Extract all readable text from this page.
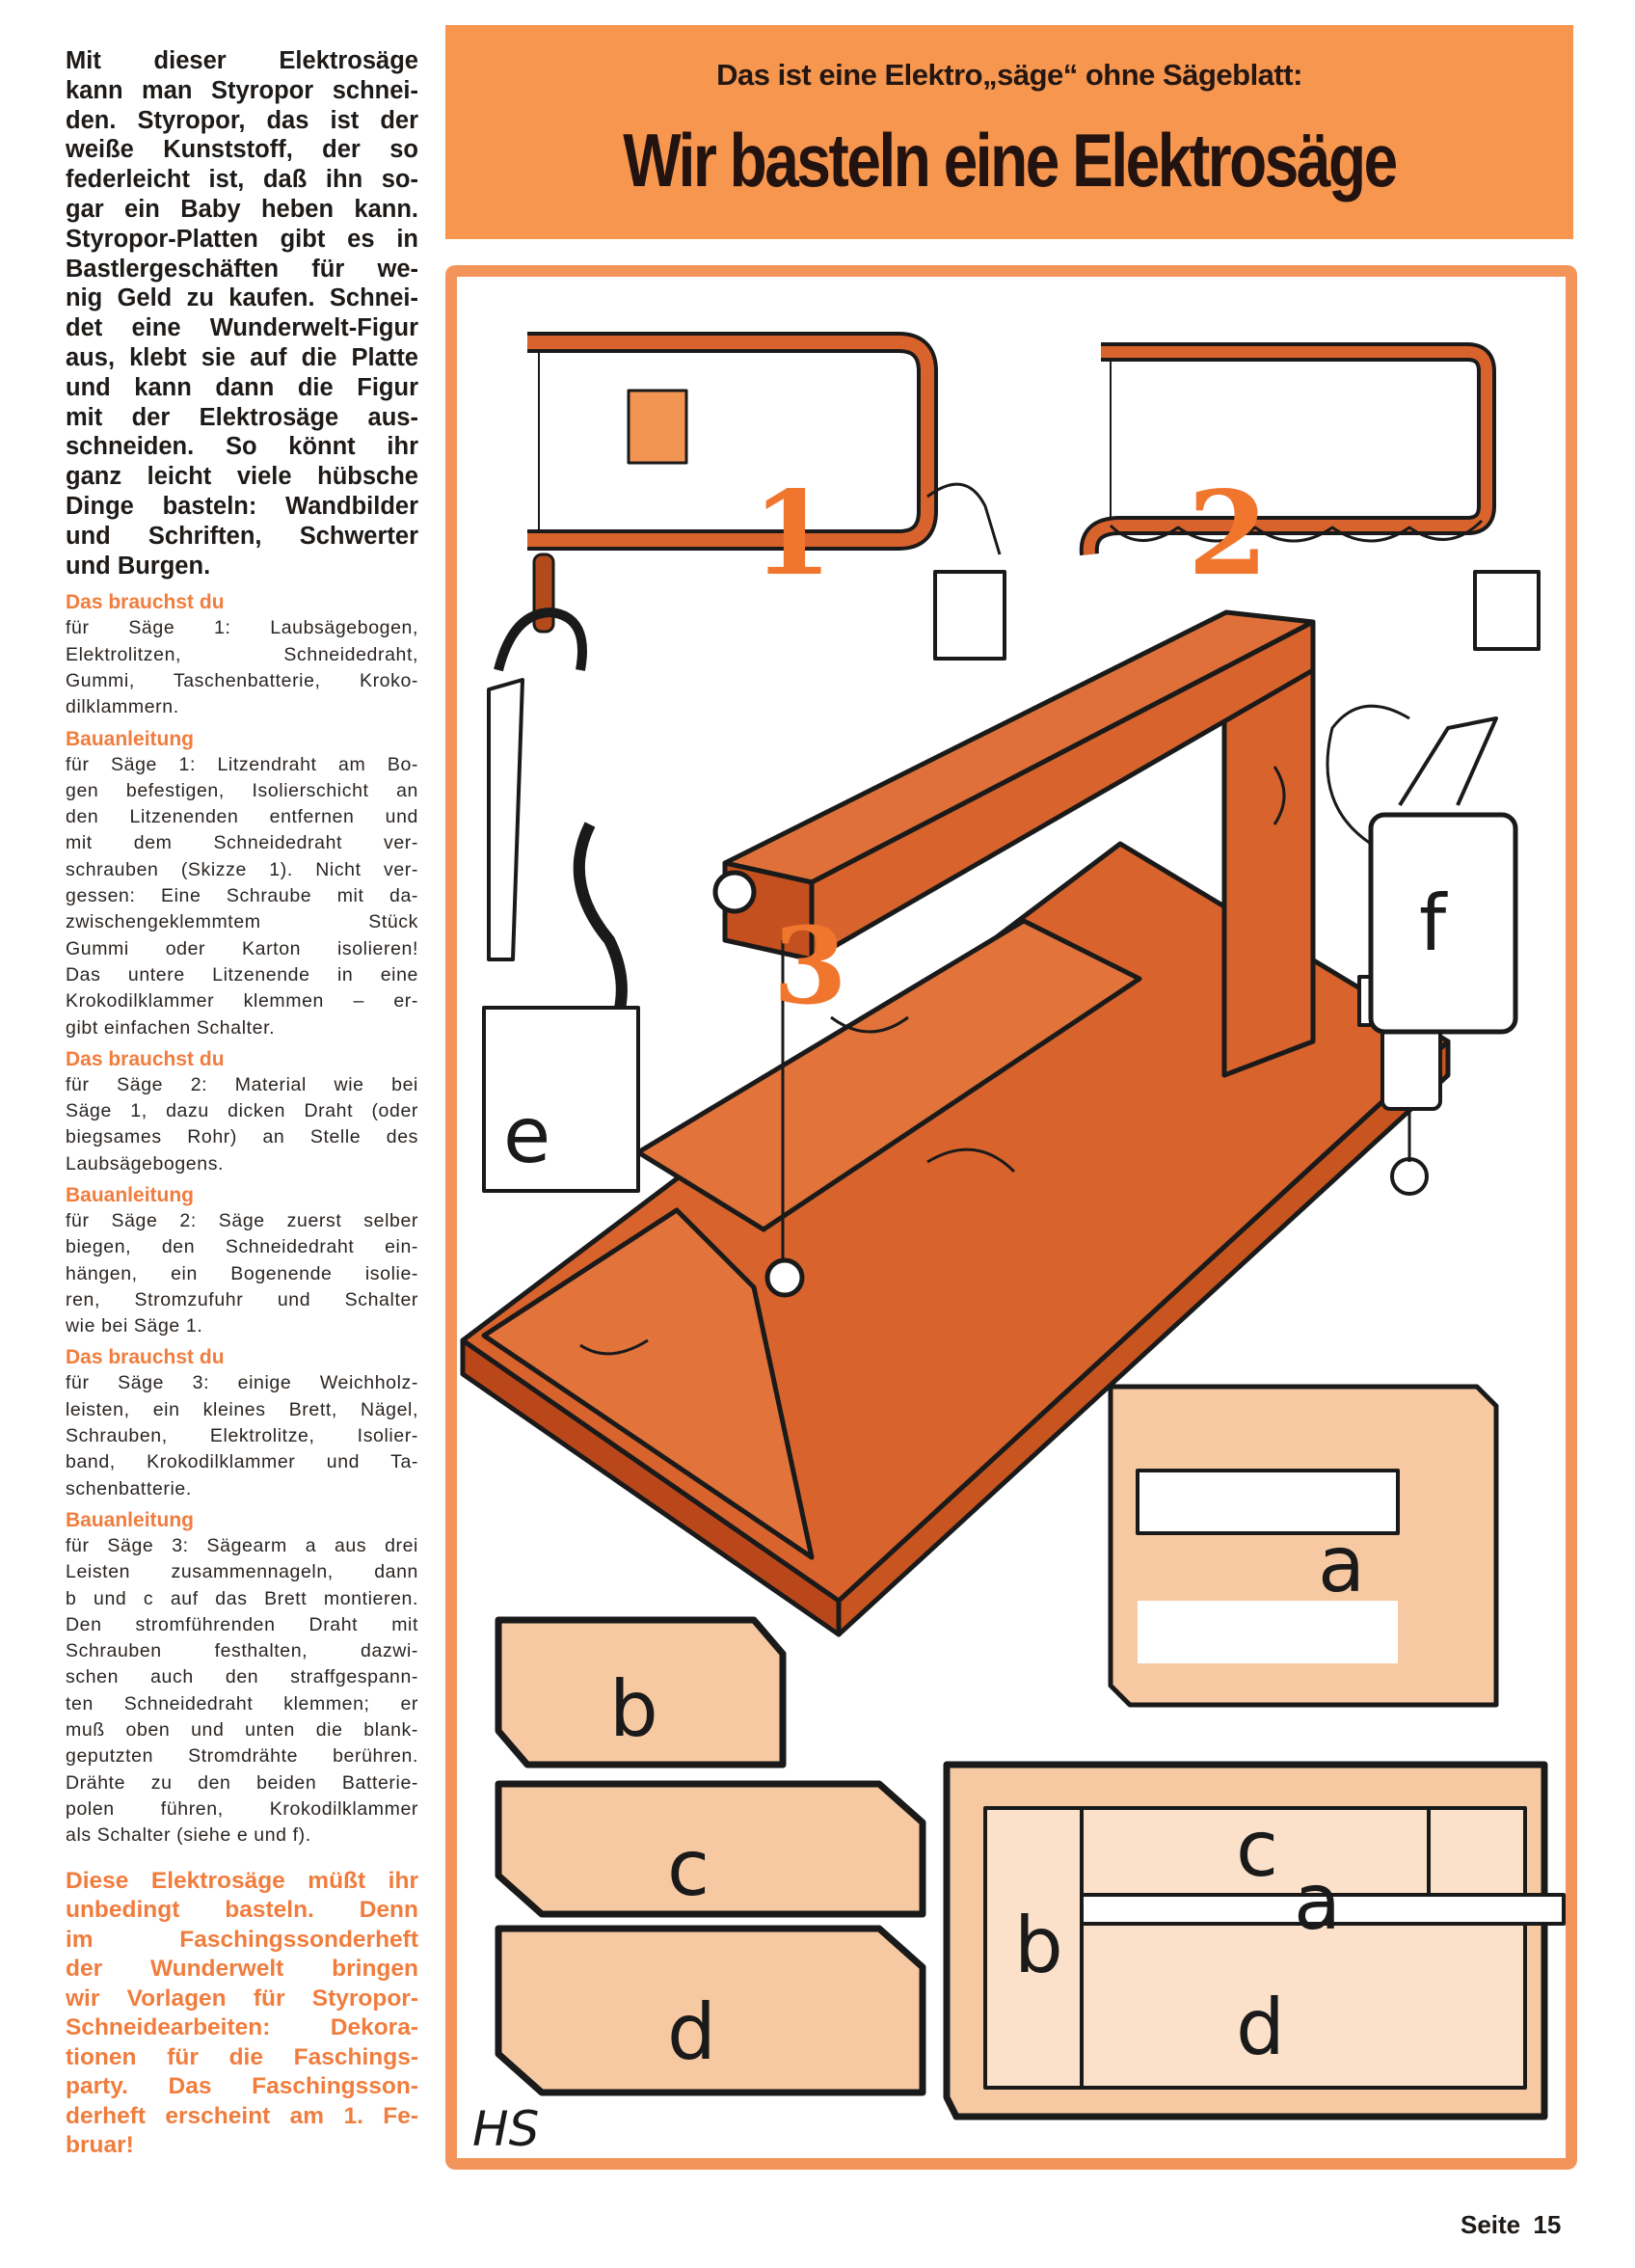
Das ist eine Elektro„säge“ ohne Sägeblatt:
Wir basteln eine Elektrosäge
Mit dieser Elektrosäge
kann man Styropor schnei-
den. Styropor, das ist der
weiße Kunststoff, der so
federleicht ist, daß ihn so-
gar ein Baby heben kann.
Styropor-Platten gibt es in
Bastlergeschäften für we-
nig Geld zu kaufen. Schnei-
det eine Wunderwelt-Figur
aus, klebt sie auf die Platte
und kann dann die Figur
mit der Elektrosäge aus-
schneiden. So könnt ihr
ganz leicht viele hübsche
Dinge basteln: Wandbilder
und Schriften, Schwerter
und Burgen.
Das brauchst du
für Säge 1: Laubsägebogen,
Elektrolitzen, Schneidedraht,
Gummi, Taschenbatterie, Kroko-
dilklammern.
Bauanleitung
für Säge 1: Litzendraht am Bo-
gen befestigen, Isolierschicht an
den Litzenenden entfernen und
mit dem Schneidedraht ver-
schrauben (Skizze 1). Nicht ver-
gessen: Eine Schraube mit da-
zwischengeklemmtem Stück
Gummi oder Karton isolieren!
Das untere Litzenende in eine
Krokodilklammer klemmen – er-
gibt einfachen Schalter.
Das brauchst du
für Säge 2: Material wie bei
Säge 1, dazu dicken Draht (oder
biegsames Rohr) an Stelle des
Laubsägebogens.
Bauanleitung
für Säge 2: Säge zuerst selber
biegen, den Schneidedraht ein-
hängen, ein Bogenende isolie-
ren, Stromzufuhr und Schalter
wie bei Säge 1.
Das brauchst du
für Säge 3: einige Weichholz-
leisten, ein kleines Brett, Nägel,
Schrauben, Elektrolitze, Isolier-
band, Krokodilklammer und Ta-
schenbatterie.
Bauanleitung
für Säge 3: Sägearm a aus drei
Leisten zusammennageln, dann
b und c auf das Brett montieren.
Den stromführenden Draht mit
Schrauben festhalten, dazwi-
schen auch den straffgespann-
ten Schneidedraht klemmen; er
muß oben und unten die blank-
geputzten Stromdrähte berühren.
Drähte zu den beiden Batterie-
polen führen, Krokodilklammer
als Schalter (siehe e und f).
Diese Elektrosäge müßt ihr
unbedingt basteln. Denn
im Faschingssonderheft
der Wunderwelt bringen
wir Vorlagen für Styropor-
Schneidearbeiten: Dekora-
tionen für die Faschings-
party. Das Faschingsson-
derheft erscheint am 1. Fe-
bruar!
1	2
3
e
f
a
b
c
d
b
c
a
d
HS
Seite 15
